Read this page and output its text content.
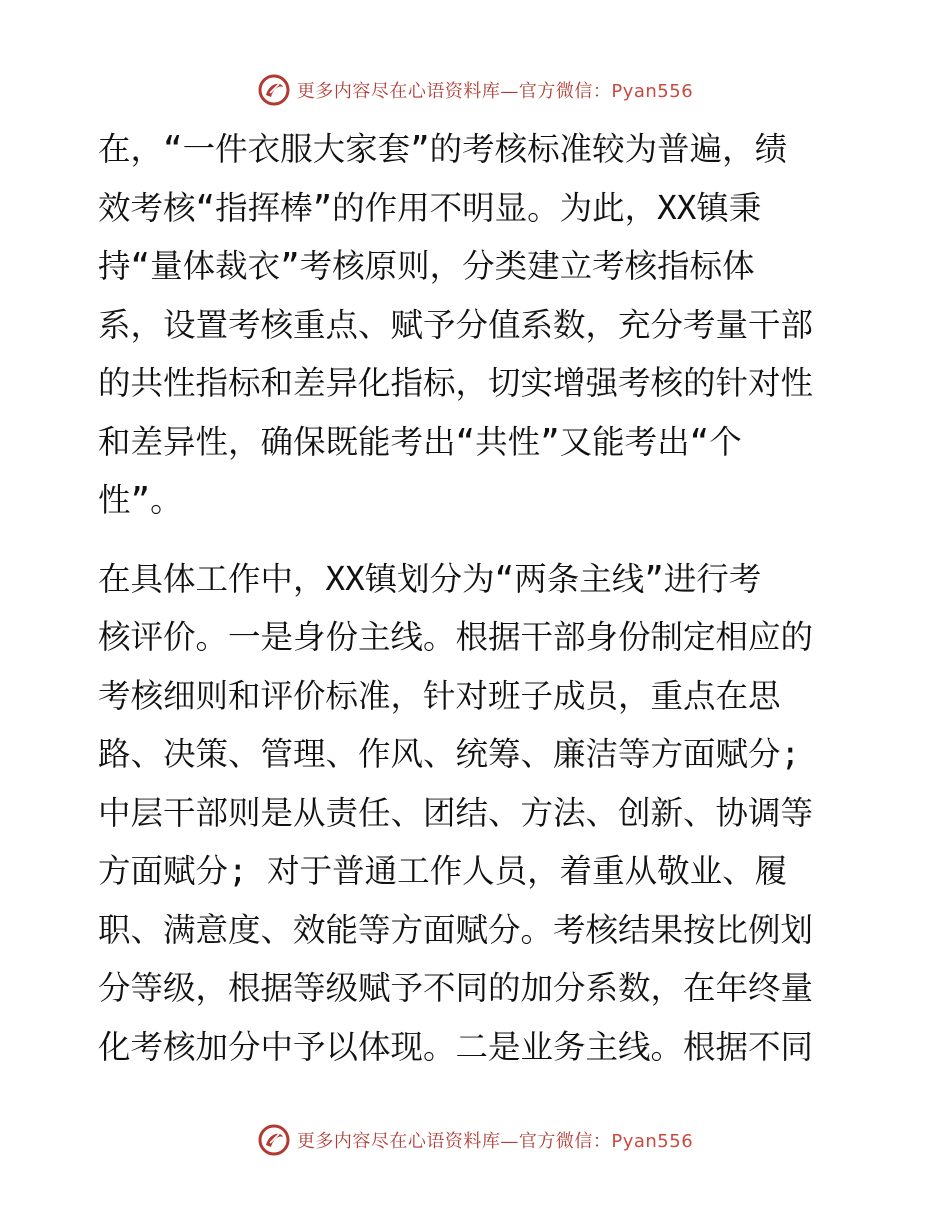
更多内容尽在心语资料库—官方微信：Pyan556
在，“一件衣服大家套”的考核标准较为普遍，绩
效考核“指挥棒”的作用不明显。为此，XX镇秉
持“量体裁衣”考核原则，分类建立考核指标体
系，设置考核重点、赋予分值系数，充分考量干部
的共性指标和差异化指标，切实增强考核的针对性
和差异性，确保既能考出“共性”又能考出“个
性”。
在具体工作中，XX镇划分为“两条主线”进行考
核评价。一是身份主线。根据干部身份制定相应的
考核细则和评价标准，针对班子成员，重点在思
路、决策、管理、作风、统筹、廉洁等方面赋分;
中层干部则是从责任、团结、方法、创新、协调等
方面赋分; 对于普通工作人员，着重从敬业、履
职、满意度、效能等方面赋分。考核结果按比例划
分等级，根据等级赋予不同的加分系数，在年终量
化考核加分中予以体现。二是业务主线。根据不同
更多内容尽在心语资料库—官方微信：Pyan556
